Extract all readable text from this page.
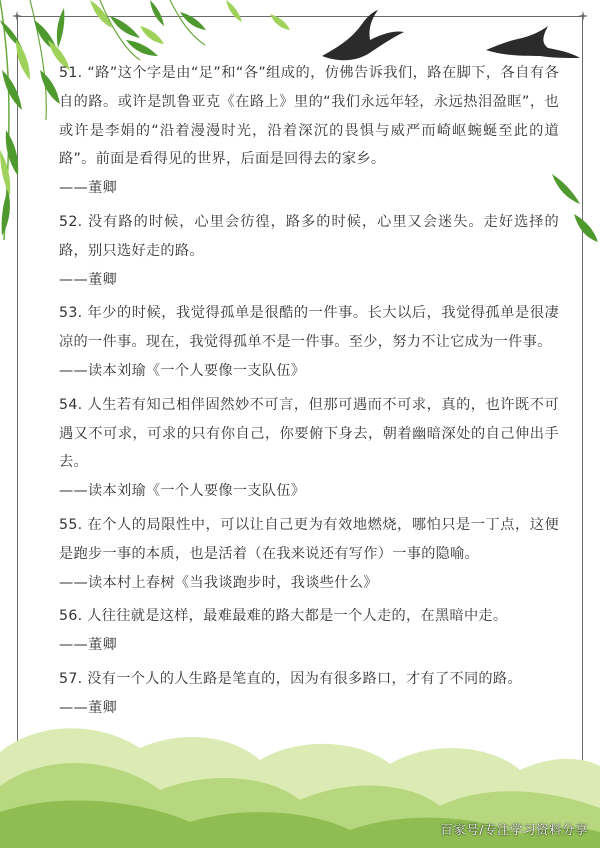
51. “路”这个字是由“足”和“各”组成的，仿佛告诉我们，路在脚下，各自有各自的路。或许是凯鲁亚克《在路上》里的“我们永远年轻，永远热泪盈眶”，也或许是李娟的“沿着漫漫时光，沿着深沉的畏惧与威严而崎岖蜿蜒至此的道路”。前面是看得见的世界，后面是回得去的家乡。

——董卿

52. 没有路的时候，心里会彷徨，路多的时候，心里又会迷失。走好选择的路，别只选好走的路。

——董卿

53. 年少的时候，我觉得孤单是很酷的一件事。长大以后，我觉得孤单是很凄凉的一件事。现在，我觉得孤单不是一件事。至少，努力不让它成为一件事。

——读本刘瑜《一个人要像一支队伍》

54. 人生若有知己相伴固然妙不可言，但那可遇而不可求，真的，也许既不可遇又不可求，可求的只有你自己，你要俯下身去，朝着幽暗深处的自己伸出手去。

——读本刘瑜《一个人要像一支队伍》

55. 在个人的局限性中，可以让自己更为有效地燃烧，哪怕只是一丁点，这便是跑步一事的本质，也是活着（在我来说还有写作）一事的隐喻。

——读本村上春树《当我谈跑步时，我谈些什么》

56. 人往往就是这样，最难最难的路大都是一个人走的，在黑暗中走。

——董卿

57. 没有一个人的人生路是笔直的，因为有很多路口，才有了不同的路。

——董卿

百家号/专注学习资料分享
